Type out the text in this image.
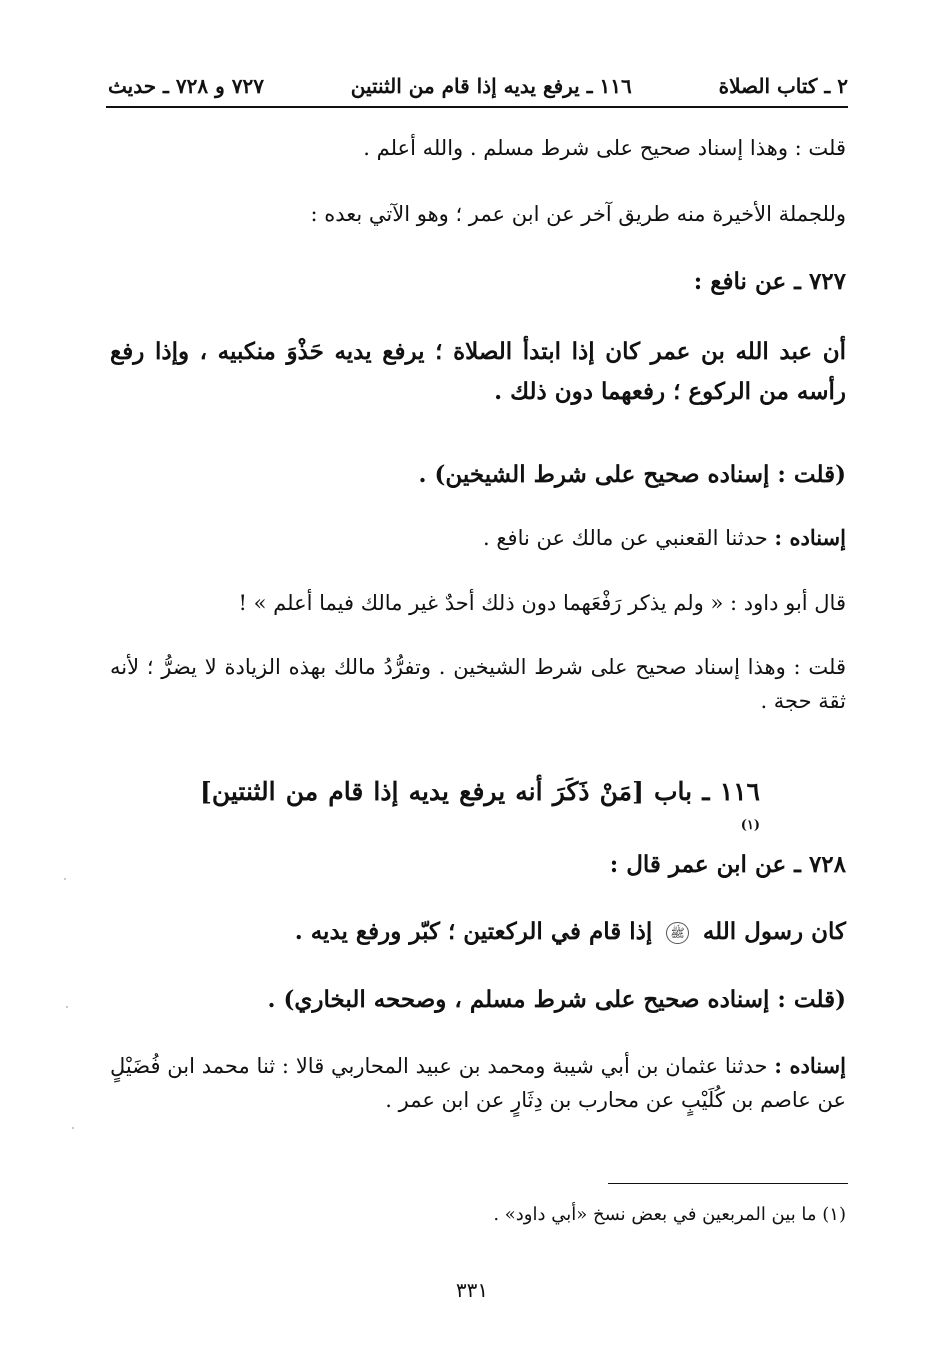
٢ ـ كتاب الصلاة
١١٦ ـ يرفع يديه إذا قام من الثنتين
٧٢٧ و ٧٢٨ ـ حديث

قلت : وهذا إسناد صحيح على شرط مسلم . والله أعلم .

وللجملة الأخيرة منه طريق آخر عن ابن عمر ؛ وهو الآتي بعده :

٧٢٧ ـ عن نافع :

أن عبد الله بن عمر كان إذا ابتدأ الصلاة ؛ يرفع يديه حَذْوَ منكبيه ، وإذا رفع رأسه من الركوع ؛ رفعهما دون ذلك .

(قلت : إسناده صحيح على شرط الشيخين) .

إسناده : حدثنا القعنبي عن مالك عن نافع .

قال أبو داود : « ولم يذكر رَفْعَهما دون ذلك أحدٌ غير مالك فيما أعلم » !

قلت : وهذا إسناد صحيح على شرط الشيخين . وتفرُّدُ مالك بهذه الزيادة لا يضرُّ ؛ لأنه ثقة حجة .

١١٦ ـ باب [مَنْ ذَكَرَ أنه يرفع يديه إذا قام من الثنتين]$^{(١)}$

٧٢٨ ـ عن ابن عمر قال :

كان رسول الله ﷺ إذا قام في الركعتين ؛ كبّر ورفع يديه .

(قلت : إسناده صحيح على شرط مسلم ، وصححه البخاري) .

إسناده : حدثنا عثمان بن أبي شيبة ومحمد بن عبيد المحاربي قالا : ثنا محمد ابن فُضَيْلٍ عن عاصم بن كُلَيْبٍ عن محارب بن دِثَارٍ عن ابن عمر .

(١) ما بين المربعين في بعض نسخ «أبي داود» .

٣٣١
